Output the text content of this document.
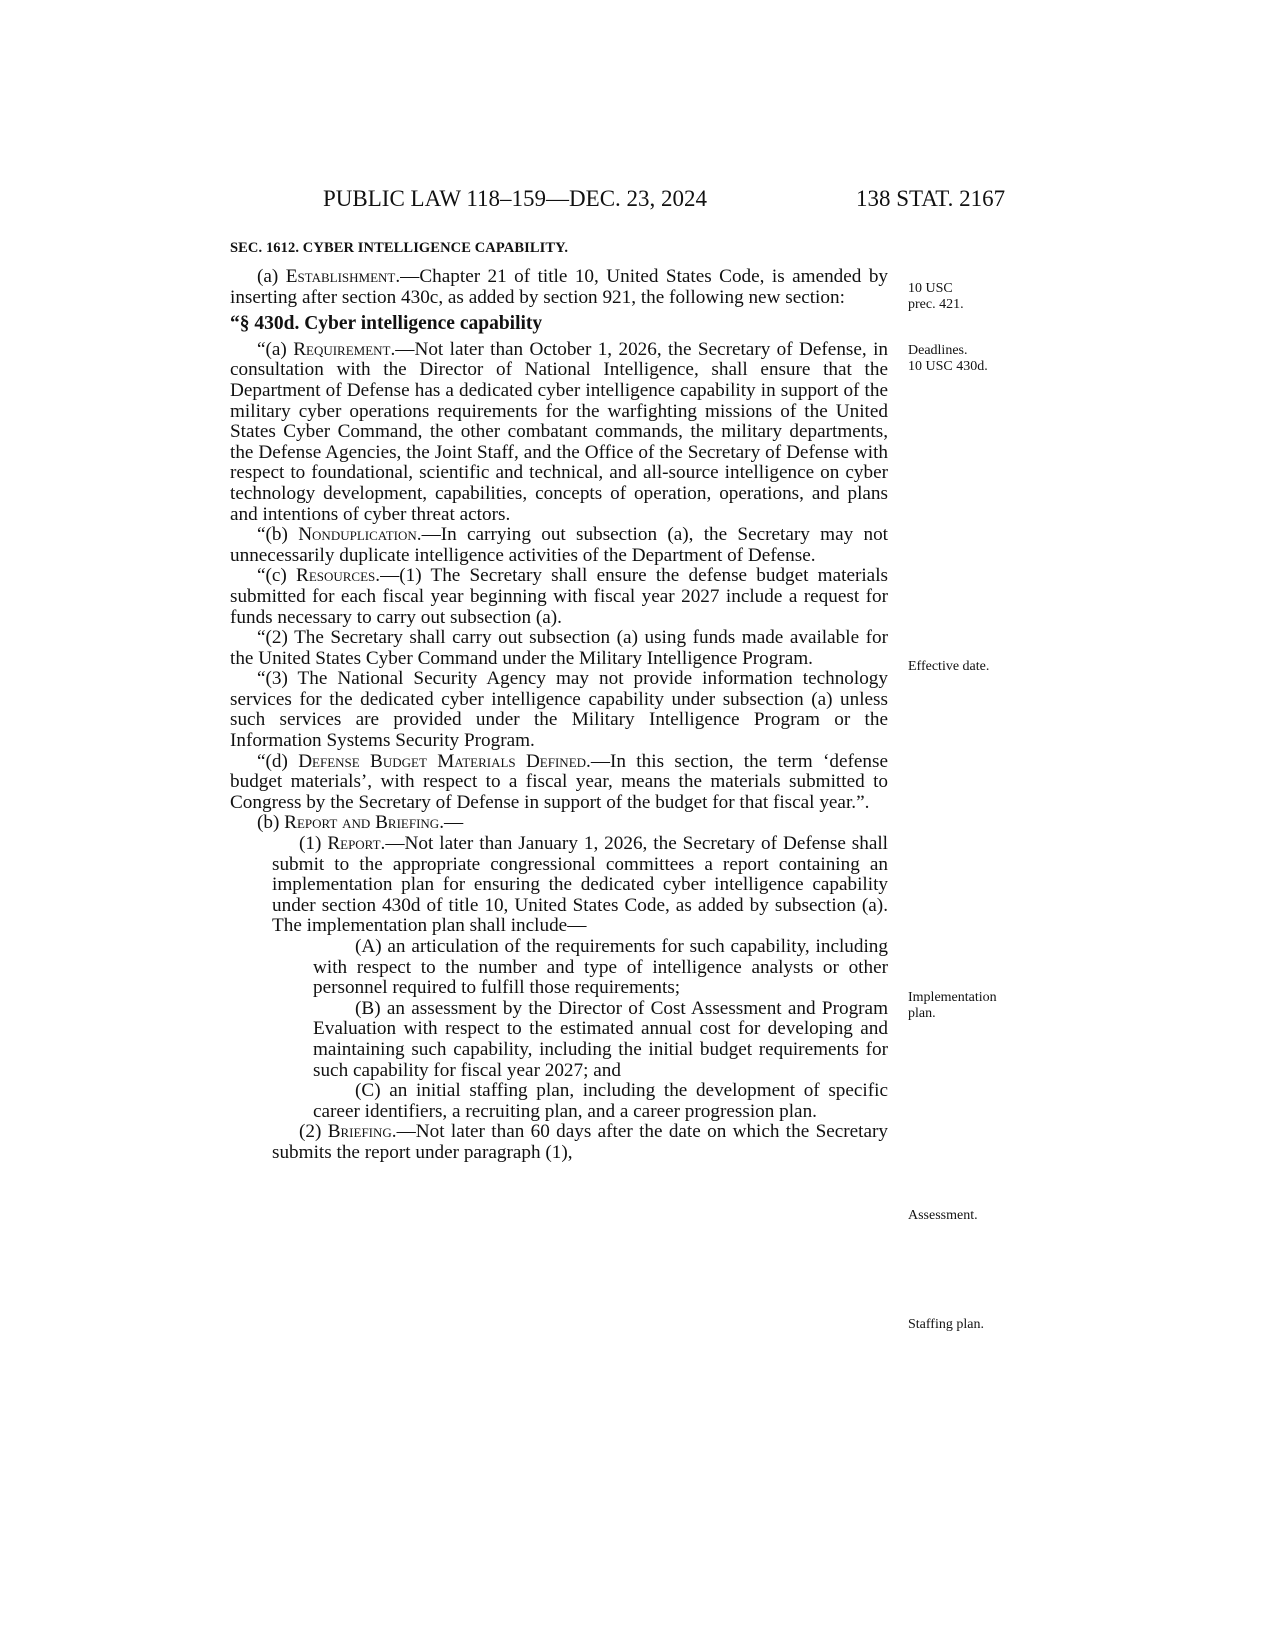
PUBLIC LAW 118–159—DEC. 23, 2024	138 STAT. 2167
SEC. 1612. CYBER INTELLIGENCE CAPABILITY.

(a) Establishment.—Chapter 21 of title 10, United States Code, is amended by inserting after section 430c, as added by section 921, the following new section:

“§ 430d. Cyber intelligence capability

“(a) Requirement.—Not later than October 1, 2026, the Secretary of Defense, in consultation with the Director of National Intelligence, shall ensure that the Department of Defense has a dedicated cyber intelligence capability in support of the military cyber operations requirements for the warfighting missions of the United States Cyber Command, the other combatant commands, the military departments, the Defense Agencies, the Joint Staff, and the Office of the Secretary of Defense with respect to foundational, scientific and technical, and all-source intelligence on cyber technology development, capabilities, concepts of operation, operations, and plans and intentions of cyber threat actors.

“(b) Nonduplication.—In carrying out subsection (a), the Secretary may not unnecessarily duplicate intelligence activities of the Department of Defense.

“(c) Resources.—(1) The Secretary shall ensure the defense budget materials submitted for each fiscal year beginning with fiscal year 2027 include a request for funds necessary to carry out subsection (a).

“(2) The Secretary shall carry out subsection (a) using funds made available for the United States Cyber Command under the Military Intelligence Program.

“(3) The National Security Agency may not provide information technology services for the dedicated cyber intelligence capability under subsection (a) unless such services are provided under the Military Intelligence Program or the Information Systems Security Program.

“(d) Defense Budget Materials Defined.—In this section, the term ‘defense budget materials’, with respect to a fiscal year, means the materials submitted to Congress by the Secretary of Defense in support of the budget for that fiscal year.”.

(b) Report and Briefing.—

(1) Report.—Not later than January 1, 2026, the Secretary of Defense shall submit to the appropriate congressional committees a report containing an implementation plan for ensuring the dedicated cyber intelligence capability under section 430d of title 10, United States Code, as added by subsection (a). The implementation plan shall include—

(A) an articulation of the requirements for such capability, including with respect to the number and type of intelligence analysts or other personnel required to fulfill those requirements;

(B) an assessment by the Director of Cost Assessment and Program Evaluation with respect to the estimated annual cost for developing and maintaining such capability, including the initial budget requirements for such capability for fiscal year 2027; and

(C) an initial staffing plan, including the development of specific career identifiers, a recruiting plan, and a career progression plan.

(2) Briefing.—Not later than 60 days after the date on which the Secretary submits the report under paragraph (1),

10 USC
prec. 421.
Deadlines.
10 USC 430d.
Effective date.
Implementation
plan.
Assessment.
Staffing plan.
